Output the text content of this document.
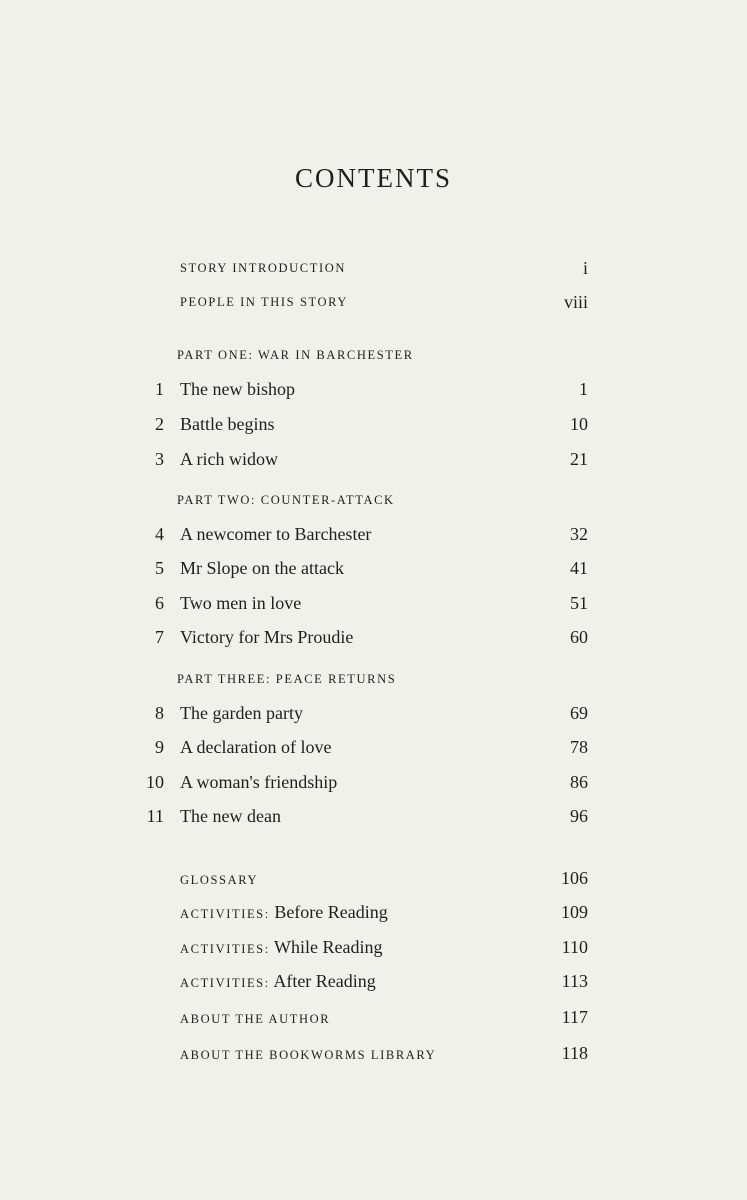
CONTENTS
STORY INTRODUCTION	i
PEOPLE IN THIS STORY	viii
PART ONE: WAR IN BARCHESTER
1 The new bishop	1
2 Battle begins	10
3 A rich widow	21
PART TWO: COUNTER-ATTACK
4 A newcomer to Barchester	32
5 Mr Slope on the attack	41
6 Two men in love	51
7 Victory for Mrs Proudie	60
PART THREE: PEACE RETURNS
8 The garden party	69
9 A declaration of love	78
10 A woman's friendship	86
11 The new dean	96
GLOSSARY	106
ACTIVITIES: Before Reading	109
ACTIVITIES: While Reading	110
ACTIVITIES: After Reading	113
ABOUT THE AUTHOR	117
ABOUT THE BOOKWORMS LIBRARY	118
